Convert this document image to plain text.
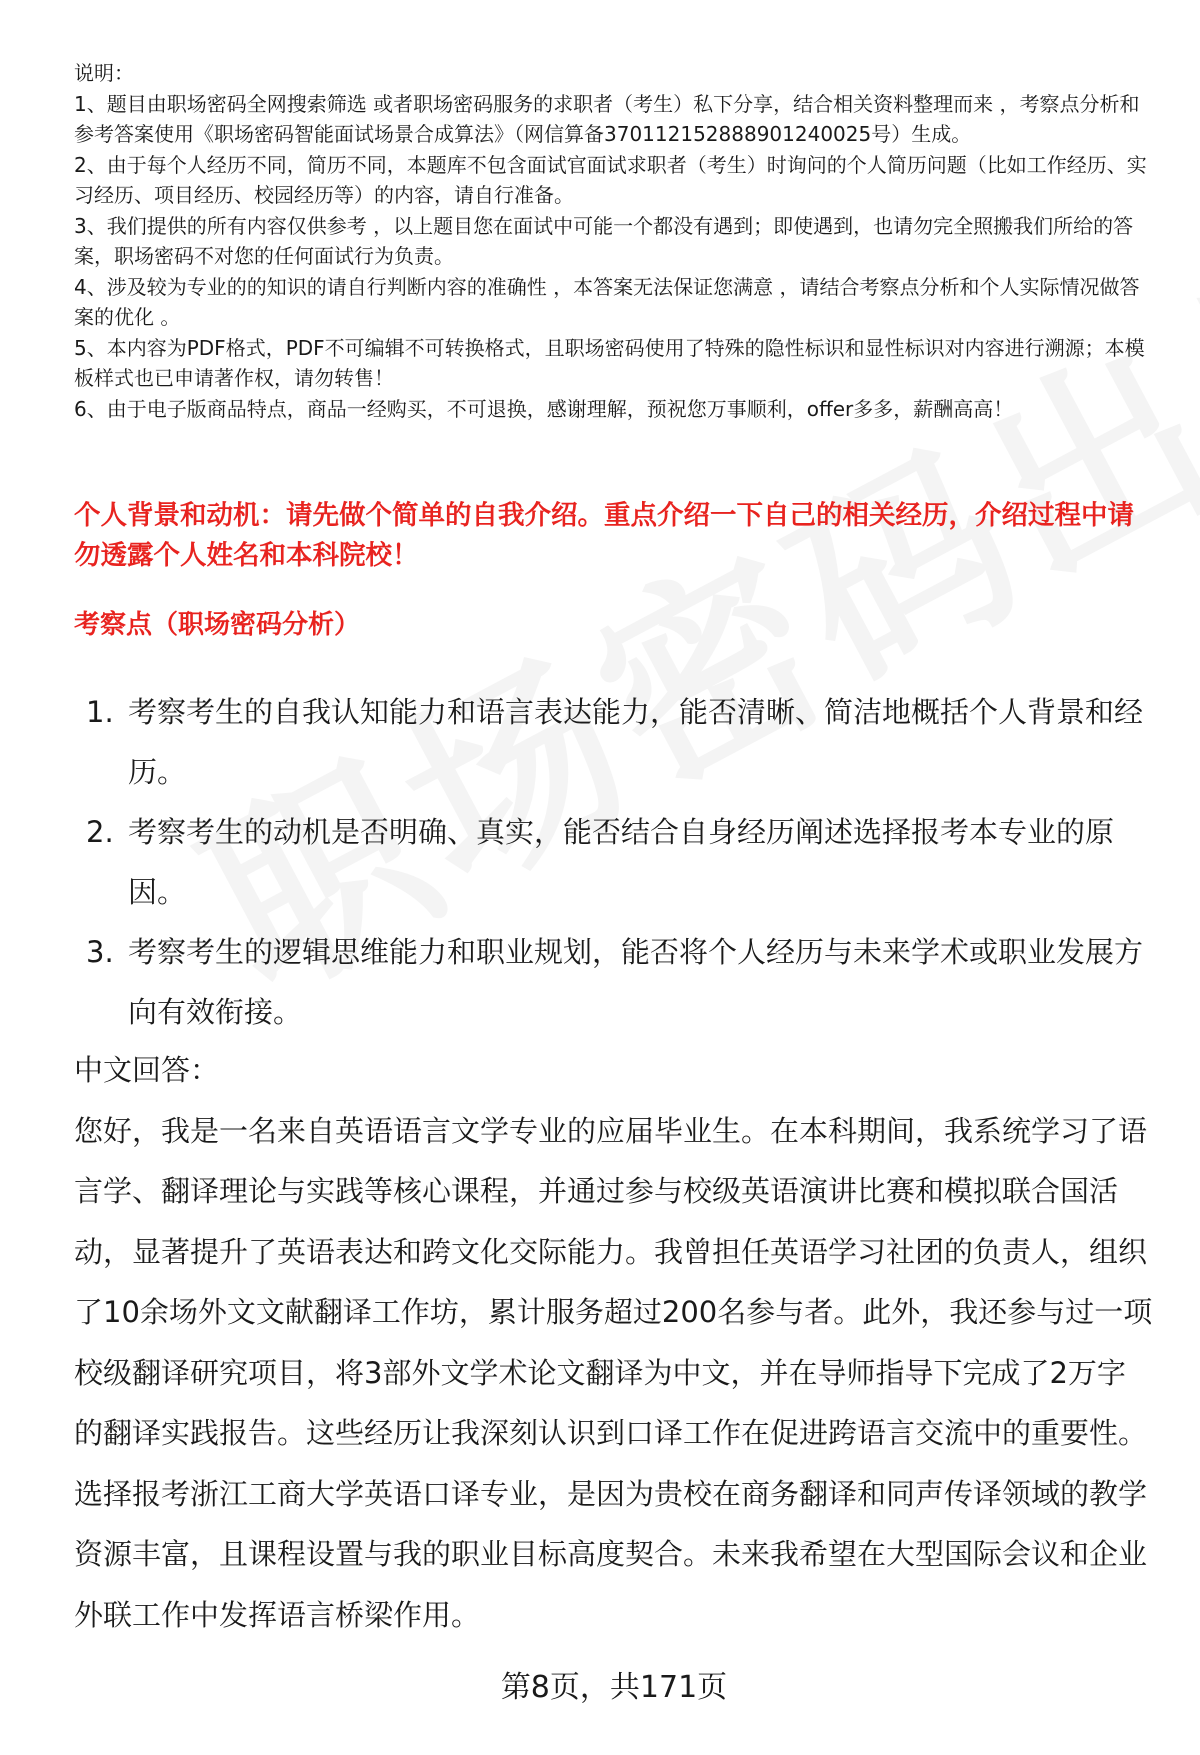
说明：

1、题目由职场密码全网搜索筛选 或者职场密码服务的求职者（考生）私下分享，结合相关资料整理而来 ，考察点分析和参考答案使用《职场密码智能面试场景合成算法》（网信算备370112152888901240025号）生成。

2、由于每个人经历不同，简历不同，本题库不包含面试官面试求职者（考生）时询问的个人简历问题（比如工作经历、实习经历、项目经历、校园经历等）的内容，请自行准备。

3、我们提供的所有内容仅供参考 ，以上题目您在面试中可能一个都没有遇到；即使遇到，也请勿完全照搬我们所给的答案，职场密码不对您的任何面试行为负责。

4、涉及较为专业的的知识的请自行判断内容的准确性 ，本答案无法保证您满意 ，请结合考察点分析和个人实际情况做答案的优化 。

5、本内容为PDF格式，PDF不可编辑不可转换格式，且职场密码使用了特殊的隐性标识和显性标识对内容进行溯源；本模板样式也已申请著作权，请勿转售！

6、由于电子版商品特点，商品一经购买，不可退换，感谢理解，预祝您万事顺利，offer多多，薪酬高高！

个人背景和动机：请先做个简单的自我介绍。重点介绍一下自己的相关经历，介绍过程中请勿透露个人姓名和本科院校！

考察点（职场密码分析）

1. 考察考生的自我认知能力和语言表达能力，能否清晰、简洁地概括个人背景和经历。
2. 考察考生的动机是否明确、真实，能否结合自身经历阐述选择报考本专业的原因。
3. 考察考生的逻辑思维能力和职业规划，能否将个人经历与未来学术或职业发展方向有效衔接。

中文回答：

您好，我是一名来自英语语言文学专业的应届毕业生。在本科期间，我系统学习了语言学、翻译理论与实践等核心课程，并通过参与校级英语演讲比赛和模拟联合国活动，显著提升了英语表达和跨文化交际能力。我曾担任英语学习社团的负责人，组织了10余场外文文献翻译工作坊，累计服务超过200名参与者。此外，我还参与过一项校级翻译研究项目，将3部外文学术论文翻译为中文，并在导师指导下完成了2万字的翻译实践报告。这些经历让我深刻认识到口译工作在促进跨语言交流中的重要性。选择报考浙江工商大学英语口译专业，是因为贵校在商务翻译和同声传译领域的教学资源丰富，且课程设置与我的职业目标高度契合。未来我希望在大型国际会议和企业外联工作中发挥语言桥梁作用。

第8页，共171页
